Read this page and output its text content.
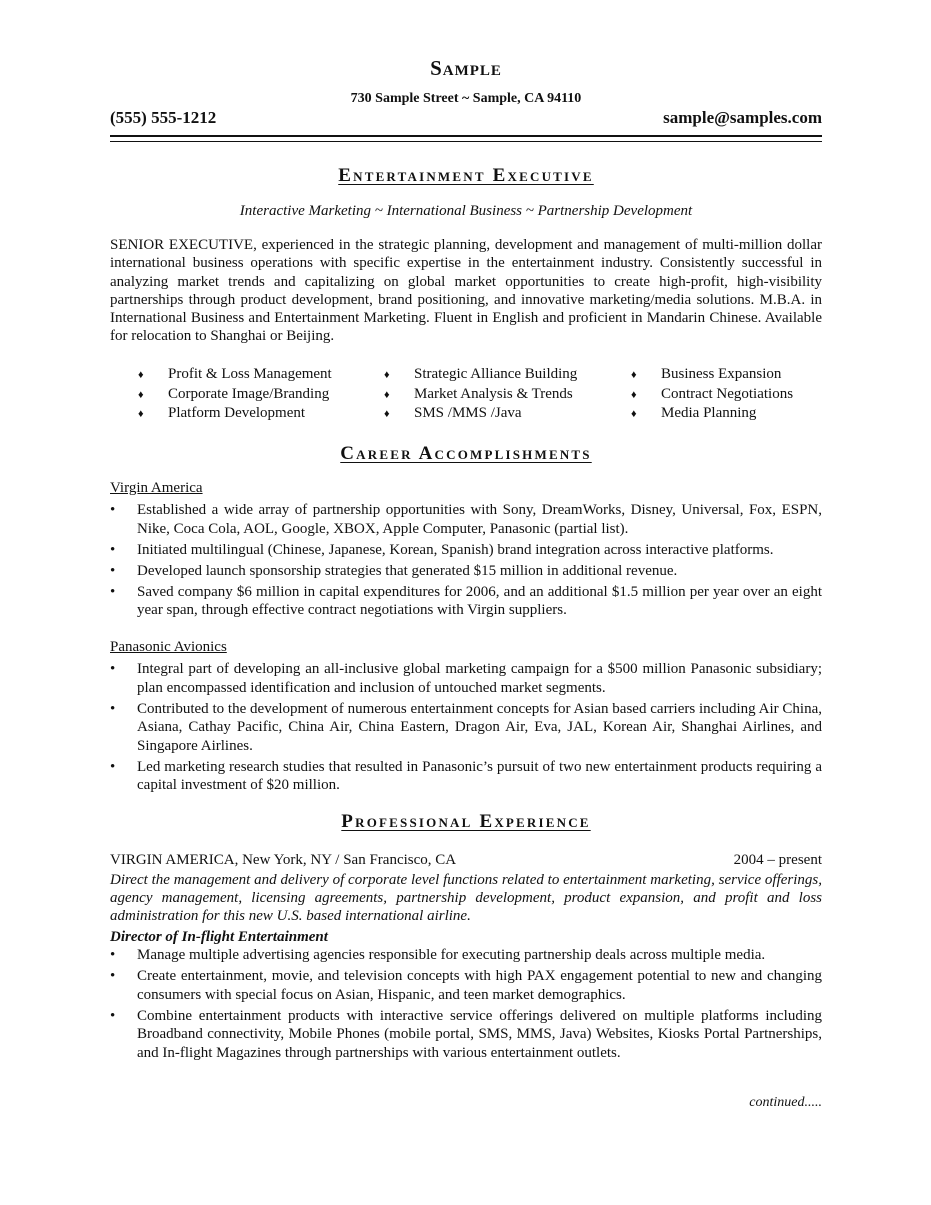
Sample
730 Sample Street ~ Sample, CA 94110
(555) 555-1212	sample@samples.com
Entertainment Executive
Interactive Marketing ~ International Business ~ Partnership Development
SENIOR EXECUTIVE, experienced in the strategic planning, development and management of multi-million dollar international business operations with specific expertise in the entertainment industry. Consistently successful in analyzing market trends and capitalizing on global market opportunities to create high-profit, high-visibility partnerships through product development, brand positioning, and innovative marketing/media solutions. M.B.A. in International Business and Entertainment Marketing. Fluent in English and proficient in Mandarin Chinese. Available for relocation to Shanghai or Beijing.
♦ Profit & Loss Management
♦ Corporate Image/Branding
♦ Platform Development
♦ Strategic Alliance Building
♦ Market Analysis & Trends
♦ SMS /MMS /Java
♦ Business Expansion
♦ Contract Negotiations
♦ Media Planning
Career Accomplishments
Virgin America
• Established a wide array of partnership opportunities with Sony, DreamWorks, Disney, Universal, Fox, ESPN, Nike, Coca Cola, AOL, Google, XBOX, Apple Computer, Panasonic (partial list).
• Initiated multilingual (Chinese, Japanese, Korean, Spanish) brand integration across interactive platforms.
• Developed launch sponsorship strategies that generated $15 million in additional revenue.
• Saved company $6 million in capital expenditures for 2006, and an additional $1.5 million per year over an eight year span, through effective contract negotiations with Virgin suppliers.
Panasonic Avionics
• Integral part of developing an all-inclusive global marketing campaign for a $500 million Panasonic subsidiary; plan encompassed identification and inclusion of untouched market segments.
• Contributed to the development of numerous entertainment concepts for Asian based carriers including Air China, Asiana, Cathay Pacific, China Air, China Eastern, Dragon Air, Eva, JAL, Korean Air, Shanghai Airlines, and Singapore Airlines.
• Led marketing research studies that resulted in Panasonic’s pursuit of two new entertainment products requiring a capital investment of $20 million.
Professional Experience
VIRGIN AMERICA, New York, NY / San Francisco, CA	2004 – present
Direct the management and delivery of corporate level functions related to entertainment marketing, service offerings, agency management, licensing agreements, partnership development, product expansion, and profit and loss administration for this new U.S. based international airline.
Director of In-flight Entertainment
• Manage multiple advertising agencies responsible for executing partnership deals across multiple media.
• Create entertainment, movie, and television concepts with high PAX engagement potential to new and changing consumers with special focus on Asian, Hispanic, and teen market demographics.
• Combine entertainment products with interactive service offerings delivered on multiple platforms including Broadband connectivity, Mobile Phones (mobile portal, SMS, MMS, Java) Websites, Kiosks Portal Partnerships, and In-flight Magazines through partnerships with various entertainment outlets.
continued.....
